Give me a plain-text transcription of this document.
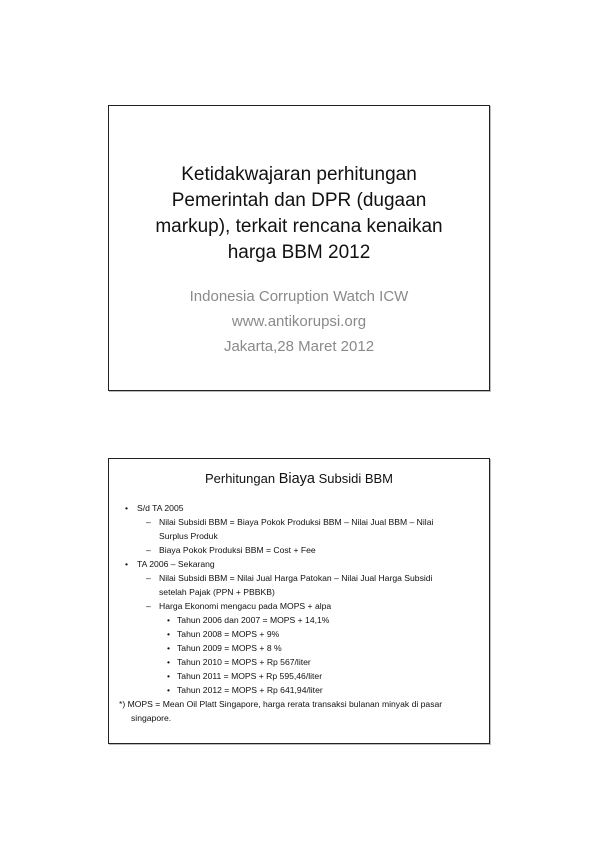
Ketidakwajaran perhitungan
Pemerintah dan DPR (dugaan
markup), terkait rencana kenaikan
harga BBM 2012
Indonesia Corruption Watch ICW
www.antikorupsi.org
Jakarta,28 Maret 2012
Perhitungan Biaya Subsidi BBM
• S/d TA 2005
– Nilai Subsidi BBM = Biaya Pokok Produksi BBM – Nilai Jual BBM – Nilai
Surplus Produk
– Biaya Pokok Produksi BBM = Cost + Fee
• TA 2006 – Sekarang
– Nilai Subsidi BBM = Nilai Jual Harga Patokan – Nilai Jual Harga Subsidi
setelah Pajak (PPN + PBBKB)
– Harga Ekonomi mengacu pada MOPS + alpa
• Tahun 2006 dan 2007 = MOPS + 14,1%
• Tahun 2008 = MOPS + 9%
• Tahun 2009 = MOPS + 8 %
• Tahun 2010 = MOPS + Rp 567/liter
• Tahun 2011 = MOPS + Rp 595,46/liter
• Tahun 2012 = MOPS + Rp 641,94/liter
*) MOPS = Mean Oil Platt Singapore, harga rerata transaksi bulanan minyak di pasar
singapore.
